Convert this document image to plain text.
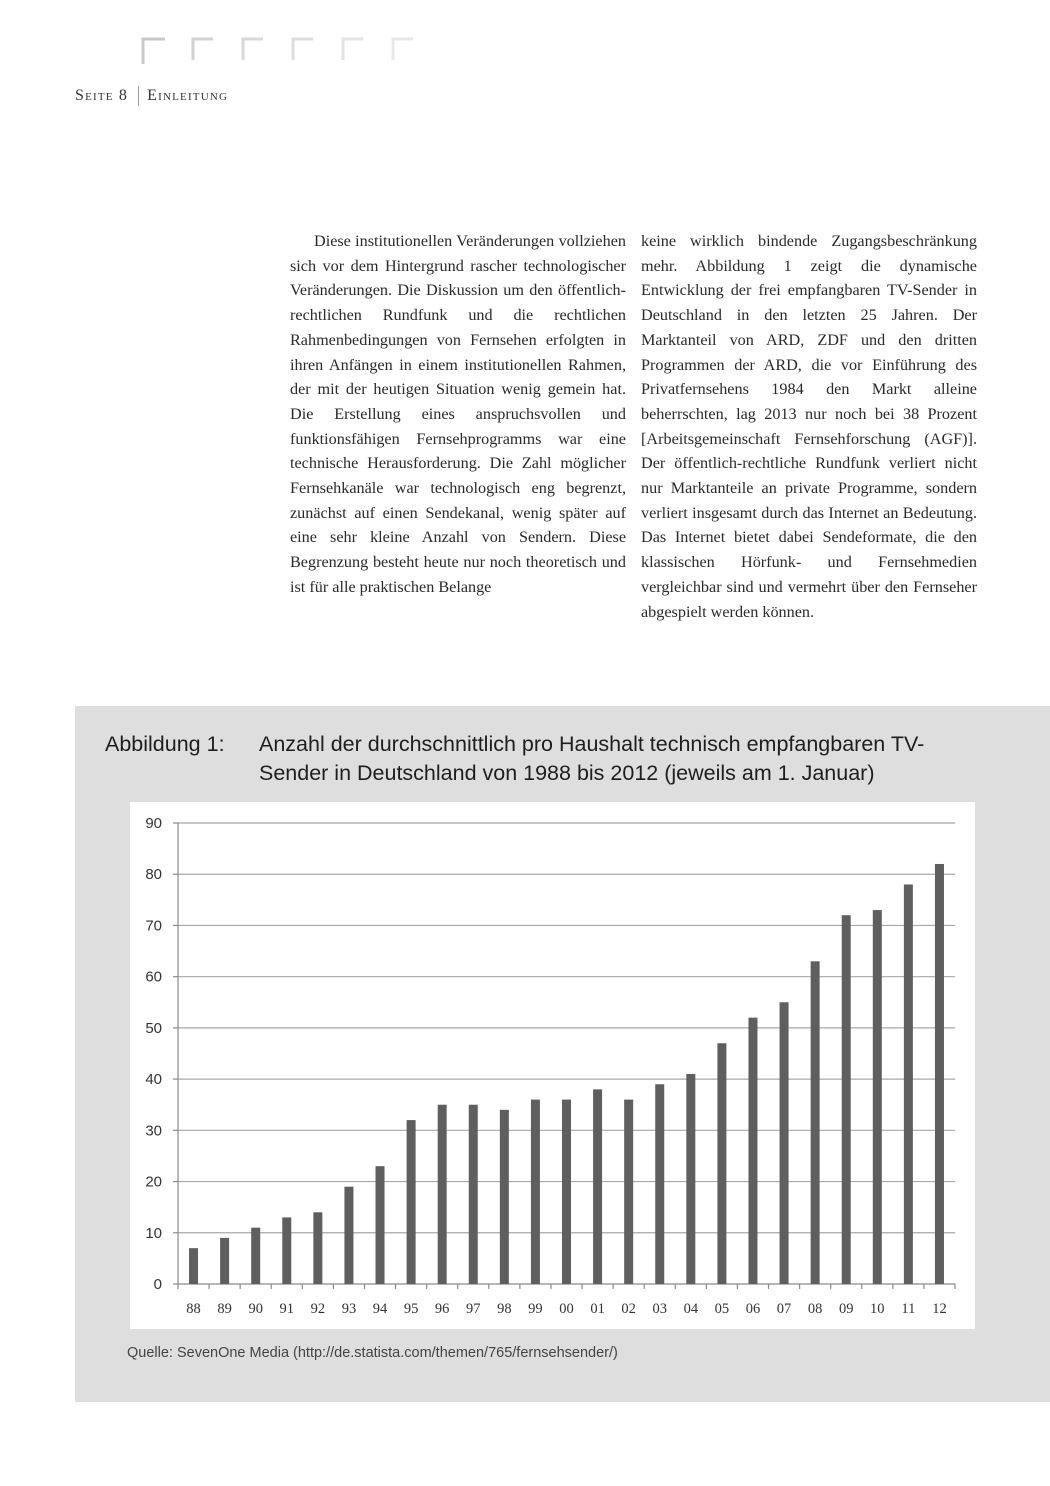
Seite 8 Einleitung

Diese institutionellen Veränderungen vollziehen sich vor dem Hintergrund rascher technologischer Veränderungen. Die Diskussion um den öffentlich-rechtlichen Rundfunk und die rechtlichen Rahmenbedingungen von Fernsehen erfolgten in ihren Anfängen in einem institutionellen Rahmen, der mit der heutigen Situation wenig gemein hat. Die Erstellung eines anspruchsvollen und funktionsfähigen Fernsehprogramms war eine technische Herausforderung. Die Zahl möglicher Fernsehkanäle war technologisch eng begrenzt, zunächst auf einen Sendekanal, wenig später auf eine sehr kleine Anzahl von Sendern. Diese Begrenzung besteht heute nur noch theoretisch und ist für alle praktischen Belange

keine wirklich bindende Zugangsbeschränkung mehr. Abbildung 1 zeigt die dynamische Entwicklung der frei empfangbaren TV-Sender in Deutschland in den letzten 25 Jahren. Der Marktanteil von ARD, ZDF und den dritten Programmen der ARD, die vor Einführung des Privatfernsehens 1984 den Markt alleine beherrschten, lag 2013 nur noch bei 38 Prozent [Arbeitsgemeinschaft Fernsehforschung (AGF)]. Der öffentlich-rechtliche Rundfunk verliert nicht nur Marktanteile an private Programme, sondern verliert insgesamt durch das Internet an Bedeutung. Das Internet bietet dabei Sendeformate, die den klassischen Hörfunk- und Fernsehmedien vergleichbar sind und vermehrt über den Fernseher abgespielt werden können.

Abbildung 1: Anzahl der durchschnittlich pro Haushalt technisch empfangbaren TV-Sender in Deutschland von 1988 bis 2012 (jeweils am 1. Januar)
0
10
20
30
40
50
60
70
80
90
88 89 90 91 92 93 94 95 96 97 98 99 00 01 02 03 04 05 06 07 08 09 10 11 12
Quelle: SevenOne Media (http://de.statista.com/themen/765/fernsehsender/)
